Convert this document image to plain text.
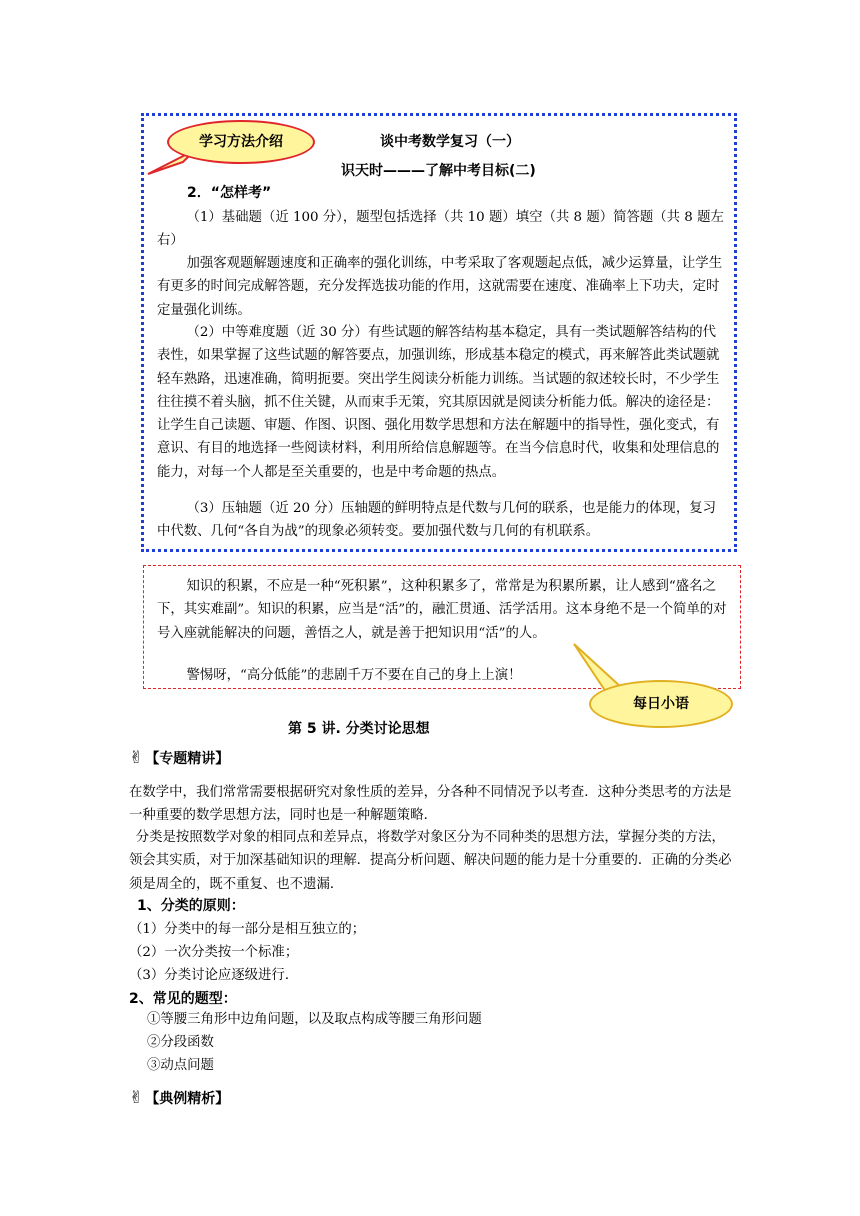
学习方法介绍	谈中考数学复习（一）
识天时———了解中考目标(二)
2．“怎样考”
（1）基础题（近 100 分），题型包括选择（共 10 题）填空（共 8 题）简答题（共 8 题左右）
加强客观题解题速度和正确率的强化训练，中考采取了客观题起点低，减少运算量，让学生有更多的时间完成解答题，充分发挥选拔功能的作用，这就需要在速度、准确率上下功夫，定时定量强化训练。
（2）中等难度题（近 30 分）有些试题的解答结构基本稳定，具有一类试题解答结构的代表性，如果掌握了这些试题的解答要点，加强训练，形成基本稳定的模式，再来解答此类试题就轻车熟路，迅速准确，简明扼要。突出学生阅读分析能力训练。当试题的叙述较长时，不少学生往往摸不着头脑，抓不住关键，从而束手无策，究其原因就是阅读分析能力低。解决的途径是：让学生自己读题、审题、作图、识图、强化用数学思想和方法在解题中的指导性，强化变式，有意识、有目的地选择一些阅读材料，利用所给信息解题等。在当今信息时代，收集和处理信息的能力，对每一个人都是至关重要的，也是中考命题的热点。
（3）压轴题（近 20 分）压轴题的鲜明特点是代数与几何的联系，也是能力的体现，复习中代数、几何“各自为战”的现象必须转变。要加强代数与几何的有机联系。
知识的积累，不应是一种“死积累”，这种积累多了，常常是为积累所累，让人感到“盛名之下，其实难副”。知识的积累，应当是“活”的，融汇贯通、活学活用。这本身绝不是一个简单的对号入座就能解决的问题，善悟之人，就是善于把知识用“活”的人。
警惕呀，“高分低能”的悲剧千万不要在自己的身上上演！
每日小语
第 5 讲. 分类讨论思想
✌ 【专题精讲】
在数学中，我们常常需要根据研究对象性质的差异，分各种不同情况予以考查．这种分类思考的方法是一种重要的数学思想方法，同时也是一种解题策略．
分类是按照数学对象的相同点和差异点，将数学对象区分为不同种类的思想方法，掌握分类的方法，领会其实质，对于加深基础知识的理解．提高分析问题、解决问题的能力是十分重要的．正确的分类必须是周全的，既不重复、也不遗漏．
1、分类的原则：
（1）分类中的每一部分是相互独立的；
（2）一次分类按一个标准；
（3）分类讨论应逐级进行．
2、常见的题型：
①等腰三角形中边角问题，以及取点构成等腰三角形问题
②分段函数
③动点问题
✌ 【典例精析】
